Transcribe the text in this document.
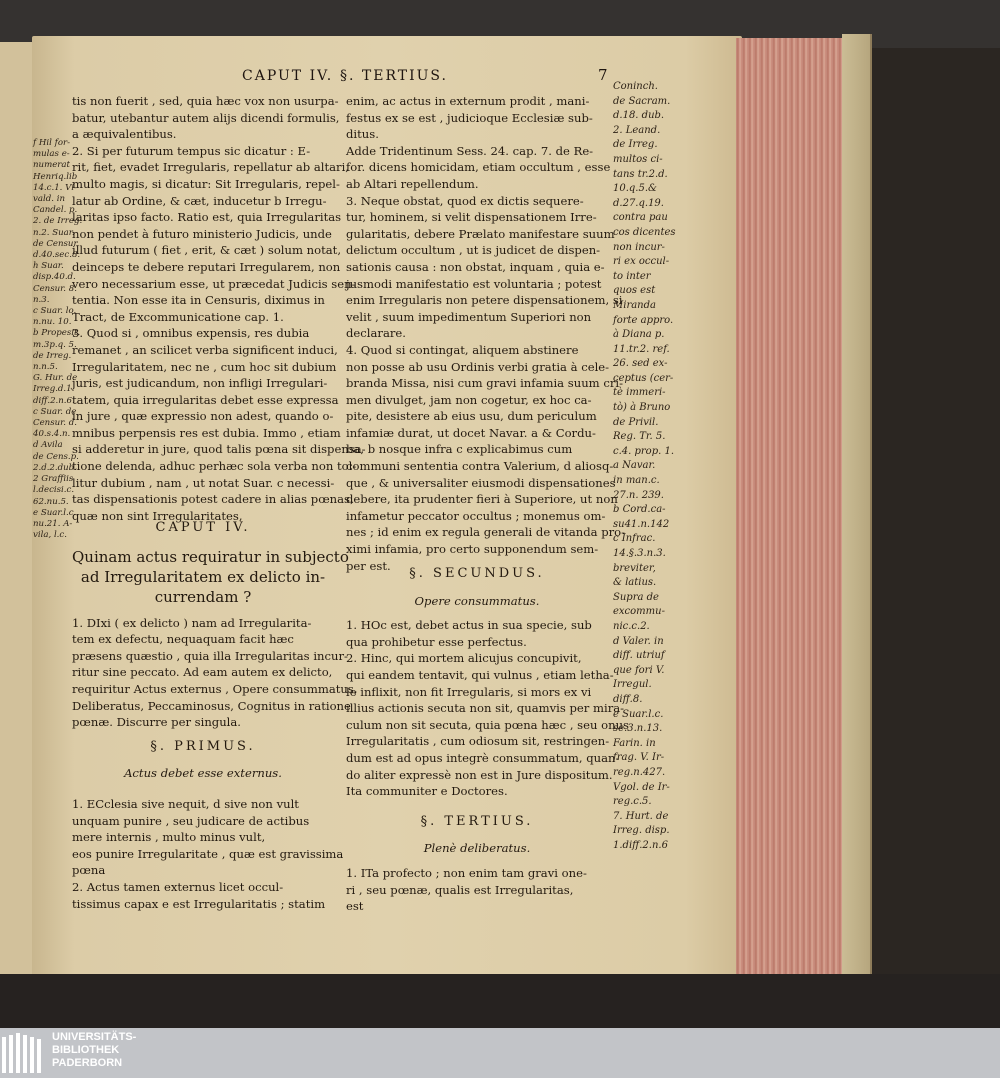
CAPUT IV. §. TERTIUS.	7

f Hil for-

mulas e-

numerat

Henriq.lib

14.c.1. Vi-

vald. in

Candel. p.

2. de Irreg.

n.2. Suar.

de Censur.

d.40.sec.8.

h Suar.

disp.40.d.

Censur. 8.

n.3.

c Suar. lo.

n.nu. 10.

b Propesit.

m.3p.q. 5.

de Irreg.

n.n.5.

G. Hur. de

Irreg.d.1.

diff.2.n.6.

c Suar. de

Censur. d.

40.s.4.n.

d Avila

de Cens.p.

2.d.2.dub.

2 Graffiis

l.decisi.c.

62.nu.5.

e Suar.l.c.

nu.21. A-

vila, l.c.

tis non fuerit , sed, quia hæc vox non usurpa-

batur, utebantur autem alijs dicendi formulis,

a æquivalentibus.

2. Si per futurum tempus sic dicatur : E-

rit, fiet, evadet Irregularis, repellatur ab altari,

multo magis, si dicatur: Sit Irregularis, repel-

latur ab Ordine, & cæt, inducetur b Irregu-

laritas ipso facto. Ratio est, quia Irregularitas

non pendet à futuro ministerio Judicis, unde

illud futurum ( fiet , erit, & cæt ) solum notat,

deinceps te debere reputari Irregularem, non

vero necessarium esse, ut præcedat Judicis sen-

tentia. Non esse ita in Censuris, diximus in

Tract, de Excommunicatione cap. 1.

3. Quod si , omnibus expensis, res dubia

remanet , an scilicet verba significent induci,

Irregularitatem, nec ne , cum hoc sit dubium

juris, est judicandum, non infligi Irregulari-

tatem, quia irregularitas debet esse expressa

in jure , quæ expressio non adest, quando o-

mnibus perpensis res est dubia. Immo , etiam

si adderetur in jure, quod talis pœna sit dispensa-

tione delenda, adhuc perhæc sola verba non tol-

litur dubium , nam , ut notat Suar. c necessi-

tas dispensationis potest cadere in alias pœnas,

quæ non sint Irregularitates,

CAPUT IV.

Quinam actus requiratur in subjecto

ad Irregularitatem ex delicto in-

currendam ?

1. DIxi ( ex delicto ) nam ad Irregularita-

tem ex defectu, nequaquam facit hæc

præsens quæstio , quia illa Irregularitas incur-

ritur sine peccato. Ad eam autem ex delicto,

requiritur Actus externus , Opere consummatus,

Deliberatus, Peccaminosus, Cognitus in ratione

pœnæ. Discurre per singula.

§. PRIMUS.

Actus debet esse externus.

1. ECclesia sive nequit, d sive non vult

unquam punire , seu judicare de actibus

mere internis , multo minus vult,

eos punire Irregularitate , quæ est gravissima

pœna

2. Actus tamen externus licet occul-

tissimus capax e est Irregularitatis ; statim

enim, ac actus in externum prodit , mani-

festus ex se est , judicioque Ecclesiæ sub-

ditus.

Adde Tridentinum Sess. 24. cap. 7. de Re-

for. dicens homicidam, etiam occultum , esse

ab Altari repellendum.

3. Neque obstat, quod ex dictis sequere-

tur, hominem, si velit dispensationem Irre-

gularitatis, debere Prælato manifestare suum

delictum occultum , ut is judicet de dispen-

sationis causa : non obstat, inquam , quia e-

jusmodi manifestatio est voluntaria ; potest

enim Irregularis non petere dispensationem, si

velit , suum impedimentum Superiori non

declarare.

4. Quod si contingat, aliquem abstinere

non posse ab usu Ordinis verbi gratia à cele-

branda Missa, nisi cum gravi infamia suum cri-

men divulget, jam non cogetur, ex hoc ca-

pite, desistere ab eius usu, dum periculum

infamiæ durat, ut docet Navar. a & Cordu-

ba, b nosque infra c explicabimus cum

communi sententia contra Valerium, d aliosq-

que , & universaliter eiusmodi dispensationes

debere, ita prudenter fieri à Superiore, ut non

infametur peccator occultus ; monemus om-

nes ; id enim ex regula generali de vitanda pro-

ximi infamia, pro certo supponendum sem-

per est.

§. SECUNDUS.

Opere consummatus.

1. HOc est, debet actus in sua specie, sub

qua prohibetur esse perfectus.

2. Hinc, qui mortem alicujus concupivit,

qui eandem tentavit, qui vulnus , etiam letha-

le inflixit, non fit Irregularis, si mors ex vi

illius actionis secuta non sit, quamvis per mira-

culum non sit secuta, quia pœna hæc , seu onus

Irregularitatis , cum odiosum sit, restringen-

dum est ad opus integrè consummatum, quan-

do aliter expressè non est in Jure dispositum.

Ita communiter e Doctores.

§. TERTIUS.

Plenè deliberatus.

1. ITa profecto ; non enim tam gravi one-

ri , seu pœnæ, qualis est Irregularitas,

est

Coninch.

de Sacram.

d.18. dub.

2. Leand.

de Irreg.

multos ci-

tans tr.2.d.

10.q.5.&

d.27.q.19.

contra pau

cos dicentes

non incur-

ri ex occul-

to inter

quos est

Miranda

forte appro.

à Diana p.

11.tr.2. ref.

26. sed ex-

ceptus (cer-

tè immeri-

tò) à Bruno

de Privil.

Reg. Tr. 5.

c.4. prop. 1.

a Navar.

in man.c.

27.n. 239.

b Cord.ca-

su41.n.142

c Infrac.

14.§.3.n.3.

breviter,

& latius.

Supra de

excommu-

nic.c.2.

d Valer. in

diff. utriuf

que fori V.

Irregul.

diff.8.

e Suar.l.c.

se.3.n.13.

Farin. in

frag. V. Ir-

reg.n.427.

Vgol. de Ir-

reg.c.5.

7. Hurt. de

Irreg. disp.

1.diff.2.n.6

UNIVERSITÄTS-
BIBLIOTHEK
PADERBORN
